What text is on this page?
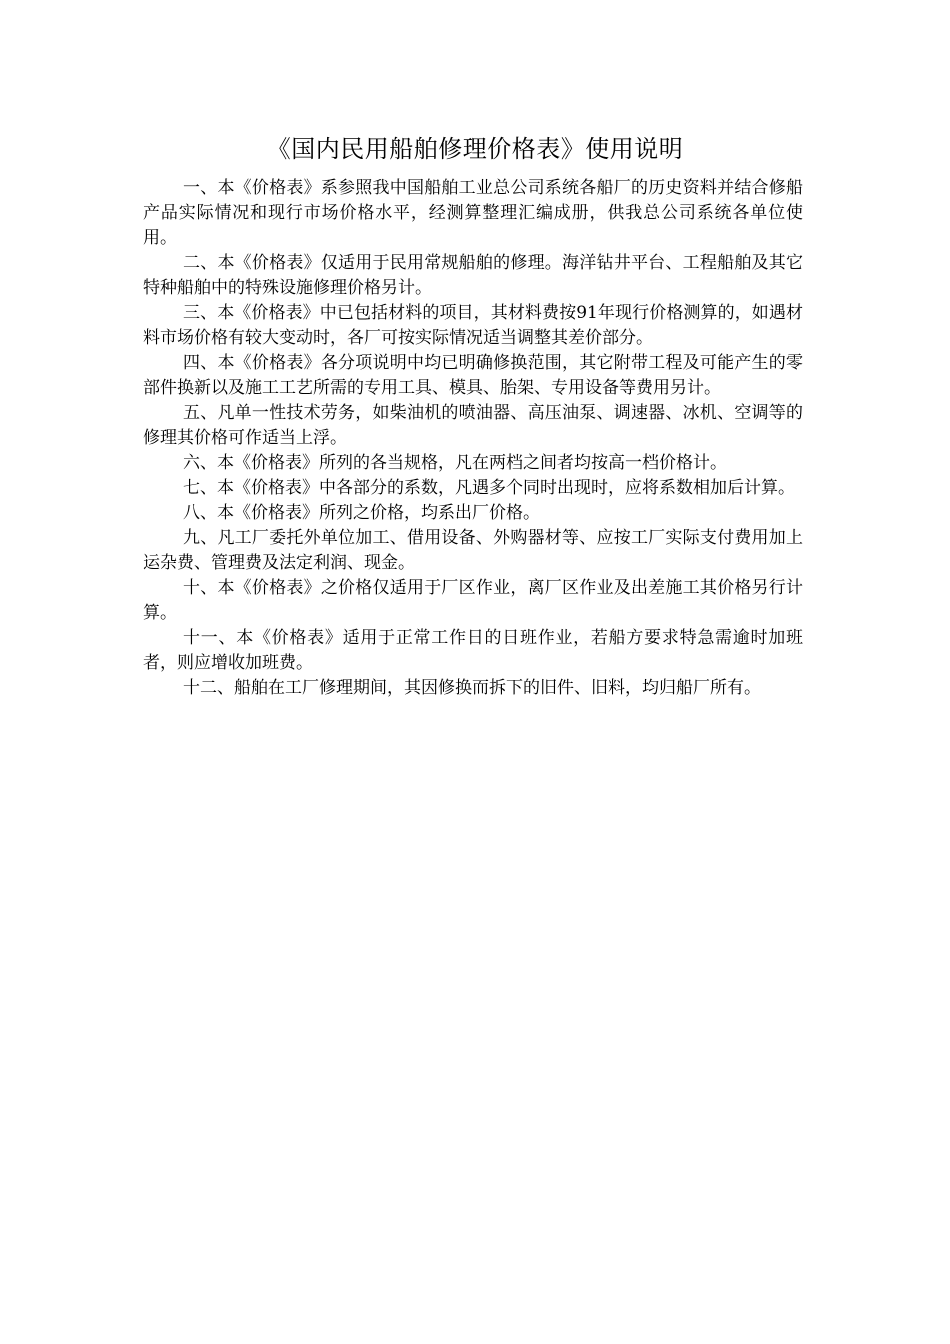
《国内民用船舶修理价格表》使用说明

一、本《价格表》系参照我中国船舶工业总公司系统各船厂的历史资料并结合修船产品实际情况和现行市场价格水平，经测算整理汇编成册，供我总公司系统各单位使用。

二、本《价格表》仅适用于民用常规船舶的修理。海洋钻井平台、工程船舶及其它特种船舶中的特殊设施修理价格另计。

三、本《价格表》中已包括材料的项目，其材料费按91年现行价格测算的，如遇材料市场价格有较大变动时，各厂可按实际情况适当调整其差价部分。

四、本《价格表》各分项说明中均已明确修换范围，其它附带工程及可能产生的零部件换新以及施工工艺所需的专用工具、模具、胎架、专用设备等费用另计。

五、凡单一性技术劳务，如柴油机的喷油器、高压油泵、调速器、冰机、空调等的修理其价格可作适当上浮。

六、本《价格表》所列的各当规格，凡在两档之间者均按高一档价格计。

七、本《价格表》中各部分的系数，凡遇多个同时出现时，应将系数相加后计算。

八、本《价格表》所列之价格，均系出厂价格。

九、凡工厂委托外单位加工、借用设备、外购器材等、应按工厂实际支付费用加上运杂费、管理费及法定利润、现金。

十、本《价格表》之价格仅适用于厂区作业，离厂区作业及出差施工其价格另行计算。

十一、本《价格表》适用于正常工作日的日班作业，若船方要求特急需逾时加班者，则应增收加班费。

十二、船舶在工厂修理期间，其因修换而拆下的旧件、旧料，均归船厂所有。
